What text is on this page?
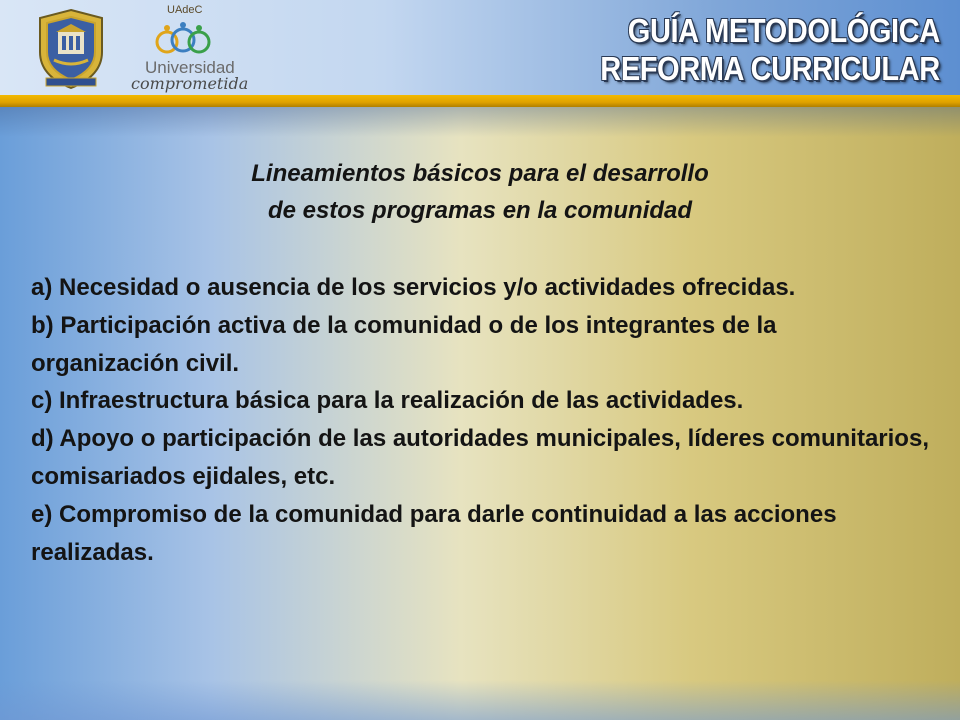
UAdeC
Universidad
comprometida
GUÍA METODOLÓGICA
REFORMA CURRICULAR
Lineamientos básicos para el desarrollo
de estos programas en la comunidad

a) Necesidad o ausencia de los servicios y/o actividades ofrecidas.

b) Participación activa de la comunidad o de los integrantes de la organización civil.

c) Infraestructura básica para la realización de las actividades.

d) Apoyo o participación de las autoridades municipales, líderes comunitarios, comisariados ejidales, etc.

e) Compromiso de la comunidad para darle continuidad a las acciones realizadas.
